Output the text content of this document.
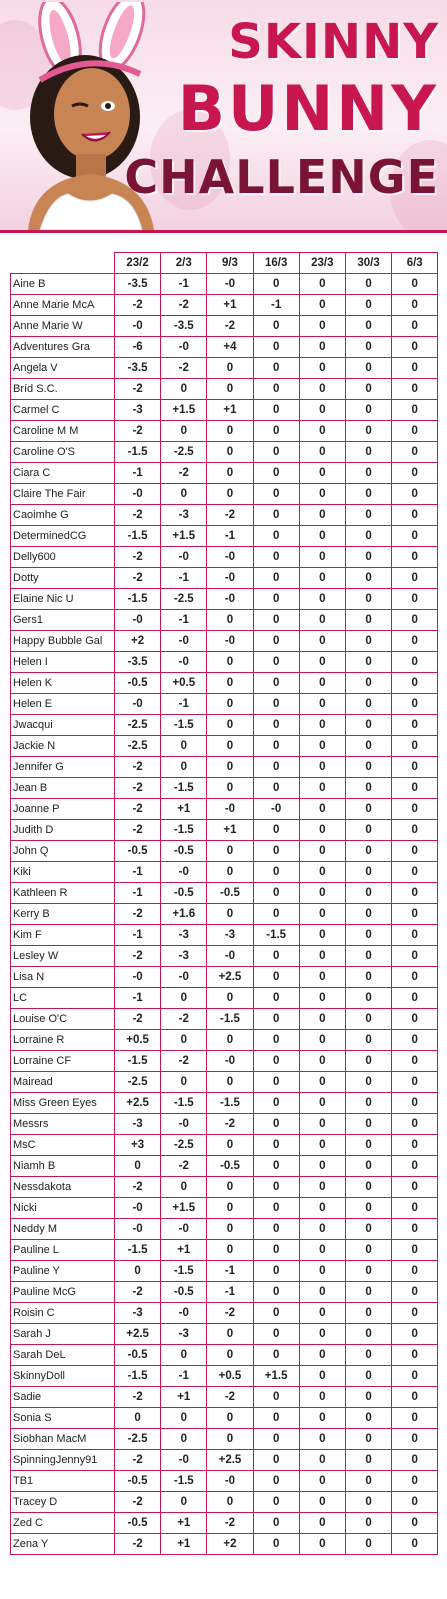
SKINNY
BUNNY
CHALLENGE
	23/2	2/3	9/3	16/3	23/3	30/3	6/3
Aine B	-3.5	-1	-0	0	0	0	0
Anne Marie McA	-2	-2	+1	-1	0	0	0
Anne Marie W	-0	-3.5	-2	0	0	0	0
Adventures Gra	-6	-0	+4	0	0	0	0
Angela V	-3.5	-2	0	0	0	0	0
Bríd S.C.	-2	0	0	0	0	0	0
Carmel C	-3	+1.5	+1	0	0	0	0
Caroline M M	-2	0	0	0	0	0	0
Caroline O'S	-1.5	-2.5	0	0	0	0	0
Ciara C	-1	-2	0	0	0	0	0
Claire The Fair	-0	0	0	0	0	0	0
Caoimhe G	-2	-3	-2	0	0	0	0
DeterminedCG	-1.5	+1.5	-1	0	0	0	0
Delly600	-2	-0	-0	0	0	0	0
Dotty	-2	-1	-0	0	0	0	0
Elaine Nic U	-1.5	-2.5	-0	0	0	0	0
Gers1	-0	-1	0	0	0	0	0
Happy Bubble Gal	+2	-0	-0	0	0	0	0
Helen I	-3.5	-0	0	0	0	0	0
Helen K	-0.5	+0.5	0	0	0	0	0
Helen E	-0	-1	0	0	0	0	0
Jwacqui	-2.5	-1.5	0	0	0	0	0
Jackie N	-2.5	0	0	0	0	0	0
Jennifer G	-2	0	0	0	0	0	0
Jean B	-2	-1.5	0	0	0	0	0
Joanne P	-2	+1	-0	-0	0	0	0
Judith D	-2	-1.5	+1	0	0	0	0
John Q	-0.5	-0.5	0	0	0	0	0
Kiki	-1	-0	0	0	0	0	0
Kathleen R	-1	-0.5	-0.5	0	0	0	0
Kerry B	-2	+1.6	0	0	0	0	0
Kim F	-1	-3	-3	-1.5	0	0	0
Lesley W	-2	-3	-0	0	0	0	0
Lisa N	-0	-0	+2.5	0	0	0	0
LC	-1	0	0	0	0	0	0
Louise O'C	-2	-2	-1.5	0	0	0	0
Lorraine R	+0.5	0	0	0	0	0	0
Lorraine CF	-1.5	-2	-0	0	0	0	0
Mairead	-2.5	0	0	0	0	0	0
Miss Green Eyes	+2.5	-1.5	-1.5	0	0	0	0
Messrs	-3	-0	-2	0	0	0	0
MsC	+3	-2.5	0	0	0	0	0
Niamh B	0	-2	-0.5	0	0	0	0
Nessdakota	-2	0	0	0	0	0	0
Nicki	-0	+1.5	0	0	0	0	0
Neddy M	-0	-0	0	0	0	0	0
Pauline L	-1.5	+1	0	0	0	0	0
Pauline Y	0	-1.5	-1	0	0	0	0
Pauline McG	-2	-0.5	-1	0	0	0	0
Roisin C	-3	-0	-2	0	0	0	0
Sarah J	+2.5	-3	0	0	0	0	0
Sarah DeL	-0.5	0	0	0	0	0	0
SkinnyDoll	-1.5	-1	+0.5	+1.5	0	0	0
Sadie	-2	+1	-2	0	0	0	0
Sonia S	0	0	0	0	0	0	0
Siobhan MacM	-2.5	0	0	0	0	0	0
SpinningJenny91	-2	-0	+2.5	0	0	0	0
TB1	-0.5	-1.5	-0	0	0	0	0
Tracey D	-2	0	0	0	0	0	0
Zed C	-0.5	+1	-2	0	0	0	0
Zena Y	-2	+1	+2	0	0	0	0
